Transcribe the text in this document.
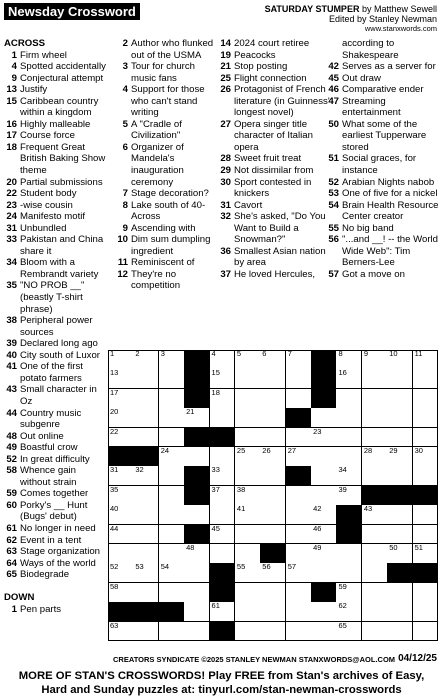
Newsday Crossword	SATURDAY STUMPER by Matthew Sewell
Edited by Stanley Newman
www.stanxwords.com
ACROSS
1 Firm wheel
4 Spotted accidentally
9 Conjectural attempt
13 Justify
15 Caribbean country within a kingdom
16 Highly malleable
17 Course force
18 Frequent Great British Baking Show theme
20 Partial submissions
22 Student body
23 -wise cousin
24 Manifesto motif
31 Unbundled
33 Pakistan and China share it
34 Bloom with a Rembrandt variety
35 "NO PROB __" (beastly T-shirt phrase)
38 Peripheral power sources
39 Declared long ago
40 City south of Luxor
41 One of the first potato farmers
43 Small character in Oz
44 Country music subgenre
48 Out online
49 Boastful crow
52 In great difficulty
58 Whence gain without strain
59 Comes together
60 Porky's __ Hunt (Bugs' debut)
61 No longer in need
62 Event in a tent
63 Stage organization
64 Ways of the world
65 Biodegrade
DOWN
1 Pen parts
2 Author who flunked out of the USMA
3 Tour for church music fans
4 Support for those who can't stand writing
5 A "Cradle of Civilization"
6 Organizer of Mandela's inauguration ceremony
7 Stage decoration?
8 Lake south of 40-Across
9 Ascending with
10 Dim sum dumpling ingredient
11 Reminiscent of
12 They're no competition
14 2024 court retiree
19 Peacocks
21 Stop posting
25 Flight connection
26 Protagonist of French literature (in Guinness' longest novel)
27 Opera singer title character of Italian opera
28 Sweet fruit treat
29 Not dissimilar from
30 Sport contested in knickers
31 Cavort
32 She's asked, "Do You Want to Build a Snowman?"
36 Smallest Asian nation by area
37 He loved Hercules,
according to Shakespeare
42 Serves as a server for
45 Out draw
46 Comparative ender
47 Streaming entertainment
50 What some of the earliest Tupperware stored
51 Social graces, for instance
52 Arabian Nights nabob
53 One of five for a nickel
54 Brain Health Resource Center creator
55 No big band
56 "...and __! -- the World Wide Web": Tim Berners-Lee
57 Got a move on
1	2	3	4	5	6	7	8	9	10 11
13	14 15	16
17	18	19
20	21
22	23
24	25 26 27	28 29 30
31 32	33	34
35	36 37 38	39
40	41	42	43
44	45	46 47
48	49	50 51
52 53 54	55 56 57
58	59
60	61	62
63	64	65
CREATORS SYNDICATE ©2025 STANLEY NEWMAN STANXWORDS@AOL.COM 04/12/25
MORE OF STAN'S CROSSWORDS! Play FREE from Stan's archives of Easy,
Hard and Sunday puzzles at: tinyurl.com/stan-newman-crosswords
